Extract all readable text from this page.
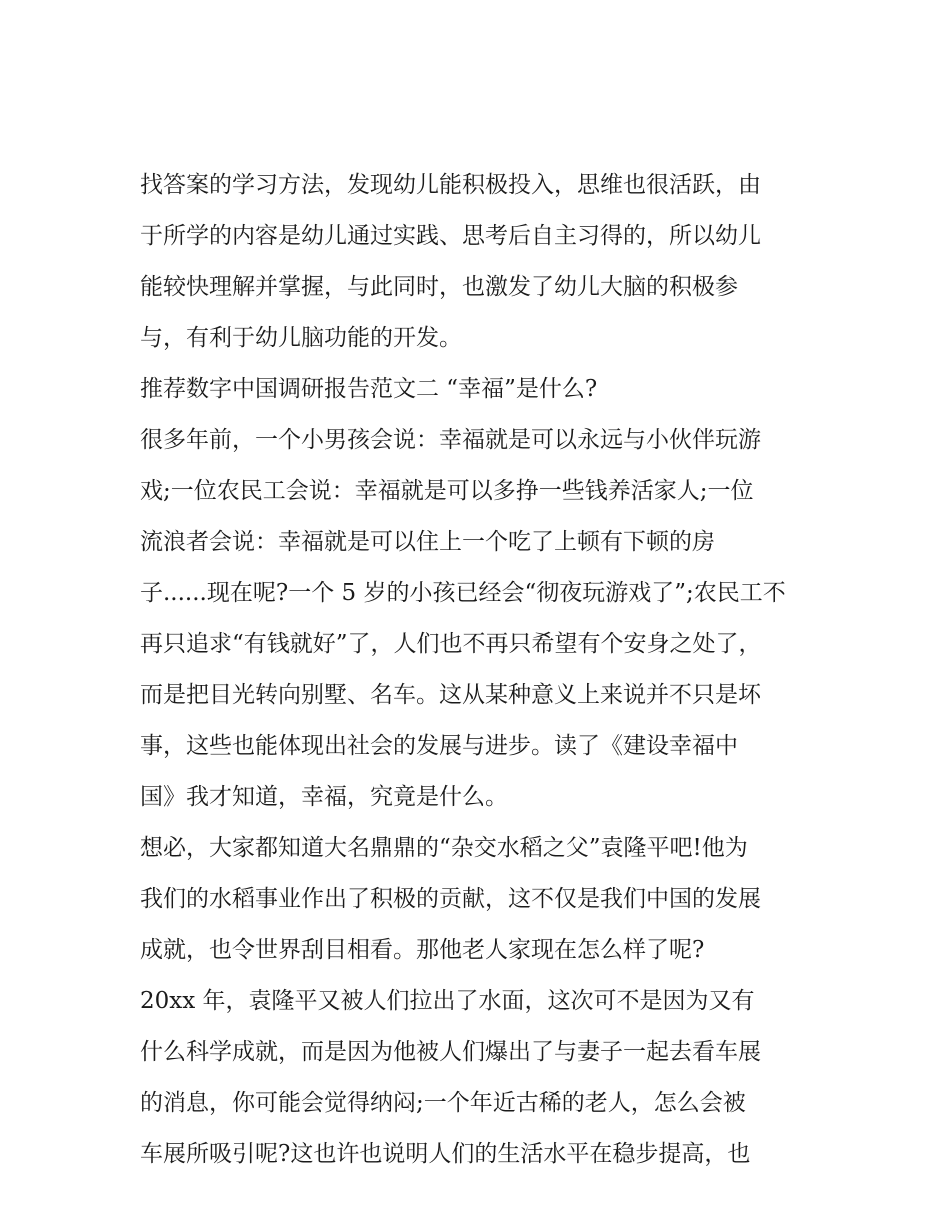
找答案的学习方法，发现幼儿能积极投入，思维也很活跃，由
于所学的内容是幼儿通过实践、思考后自主习得的，所以幼儿
能较快理解并掌握，与此同时，也激发了幼儿大脑的积极参
与，有利于幼儿脑功能的开发。
推荐数字中国调研报告范文二 “幸福”是什么?
很多年前，一个小男孩会说：幸福就是可以永远与小伙伴玩游
戏;一位农民工会说：幸福就是可以多挣一些钱养活家人;一位
流浪者会说：幸福就是可以住上一个吃了上顿有下顿的房
子......现在呢?一个 5 岁的小孩已经会“彻夜玩游戏了”;农民工不
再只追求“有钱就好”了，人们也不再只希望有个安身之处了，
而是把目光转向别墅、名车。这从某种意义上来说并不只是坏
事，这些也能体现出社会的发展与进步。读了《建设幸福中
国》我才知道，幸福，究竟是什么。
想必，大家都知道大名鼎鼎的“杂交水稻之父”袁隆平吧!他为
我们的水稻事业作出了积极的贡献，这不仅是我们中国的发展
成就，也令世界刮目相看。那他老人家现在怎么样了呢?
20xx 年，袁隆平又被人们拉出了水面，这次可不是因为又有
什么科学成就，而是因为他被人们爆出了与妻子一起去看车展
的消息，你可能会觉得纳闷;一个年近古稀的老人，怎么会被
车展所吸引呢?这也许也说明人们的生活水平在稳步提高，也
